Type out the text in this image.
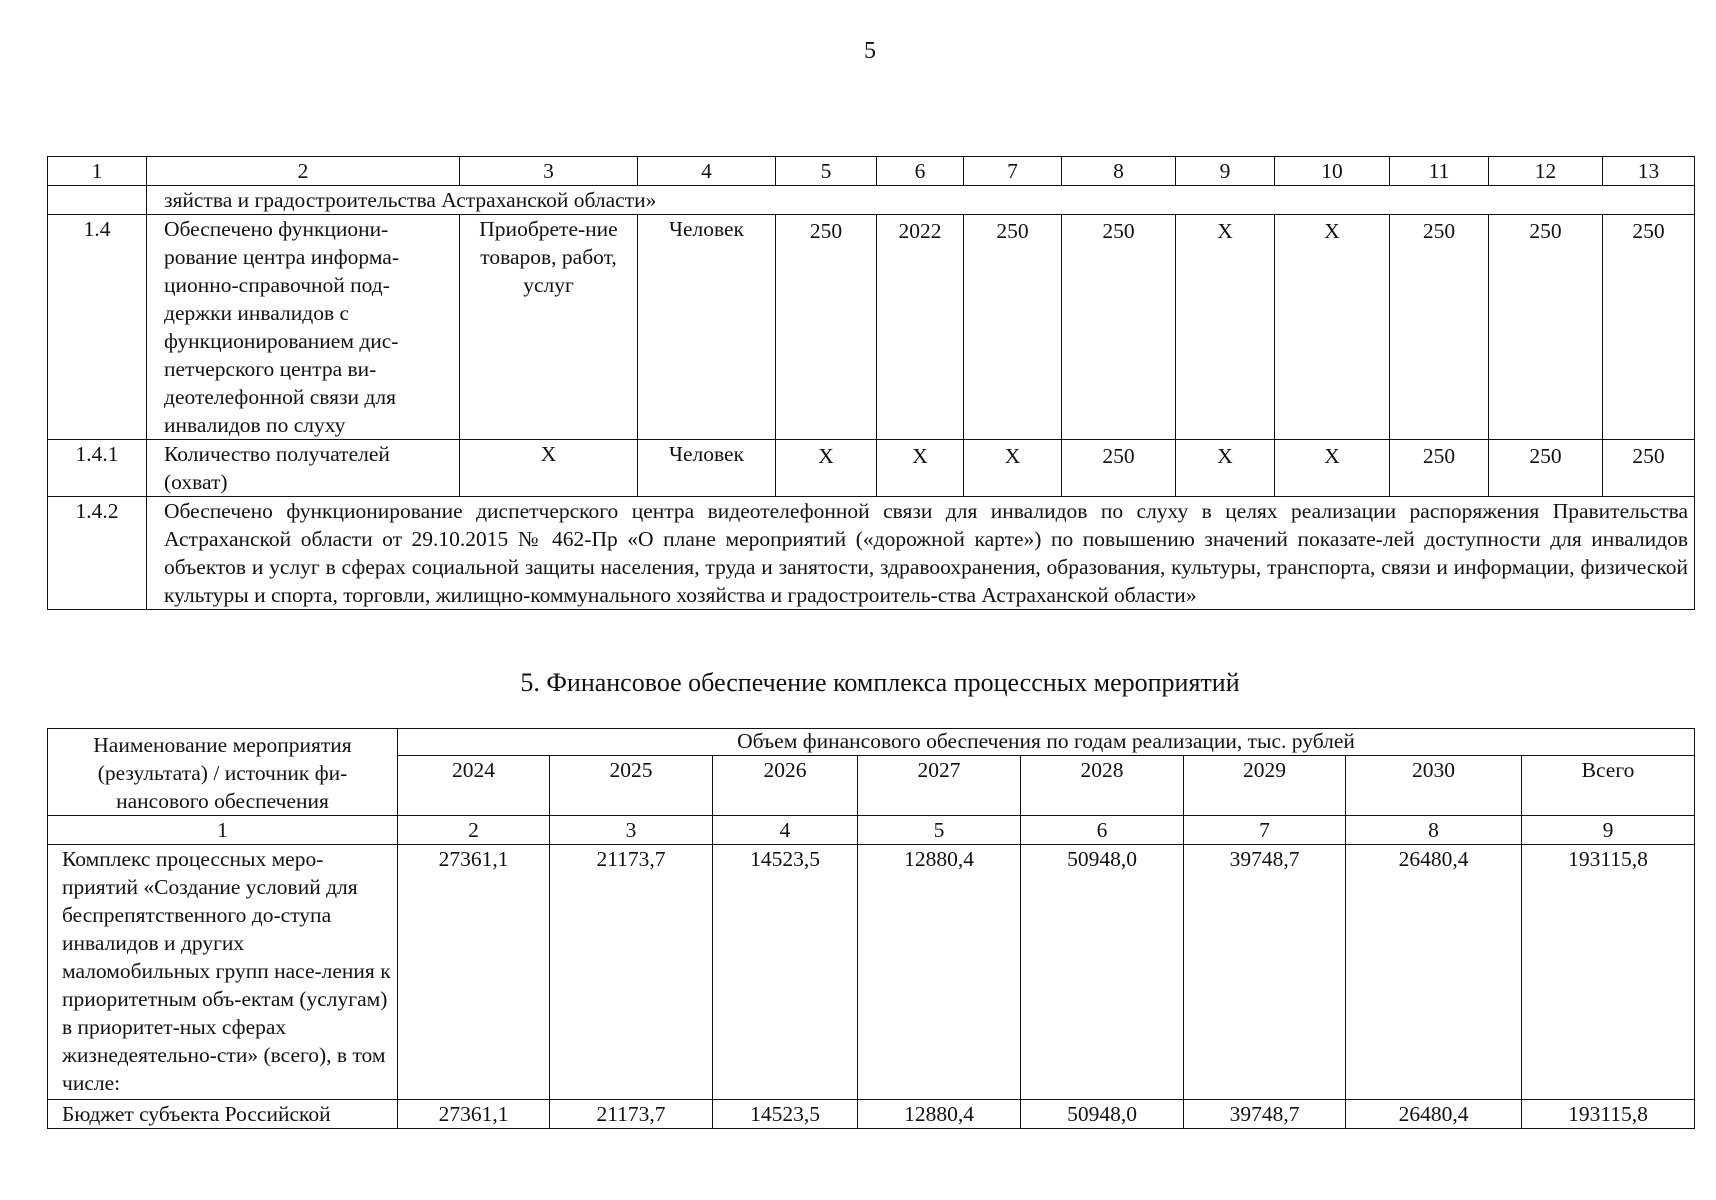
5
1	2	3	4	5	6	7	8	9	10	11	12	13
	зяйства и градостроительства Астраханской области»											
1.4	Обеспечено функциони-рование центра информа-ционно-справочной под-держки инвалидов с функционированием дис-петчерского центра ви-деотелефонной связи для инвалидов по слуху	Приобрете-ние товаров, работ, услуг	Человек	250	2022	250	250	X	X	250	250	250
1.4.1	Количество получателей (охват)	X	Человек	X	X	X	250	X	X	250	250	250
1.4.2	Обеспечено функционирование диспетчерского центра видеотелефонной связи для инвалидов по слуху в целях реализации распоряжения Правительства Астраханской области от 29.10.2015 № 462-Пр «О плане мероприятий («дорожной карте») по повышению значений показате-лей доступности для инвалидов объектов и услуг в сферах социальной защиты населения, труда и занятости, здравоохранения, образования, культуры, транспорта, связи и информации, физической культуры и спорта, торговли, жилищно-коммунального хозяйства и градостроитель-ства Астраханской области»											
5. Финансовое обеспечение комплекса процессных мероприятий
Наименование мероприятия (результата) / источник фи-нансового обеспечения	Объем финансового обеспечения по годам реализации, тыс. рублей							
	2024	2025	2026	2027	2028	2029	2030	Всего
1	2	3	4	5	6	7	8	9
Комплекс процессных меро-приятий «Создание условий для беспрепятственного до-ступа инвалидов и других маломобильных групп насе-ления к приоритетным объ-ектам (услугам) в приоритет-ных сферах жизнедеятельно-сти» (всего), в том числе:	27361,1	21173,7	14523,5	12880,4	50948,0	39748,7	26480,4	193115,8
Бюджет субъекта Российской	27361,1	21173,7	14523,5	12880,4	50948,0	39748,7	26480,4	193115,8
